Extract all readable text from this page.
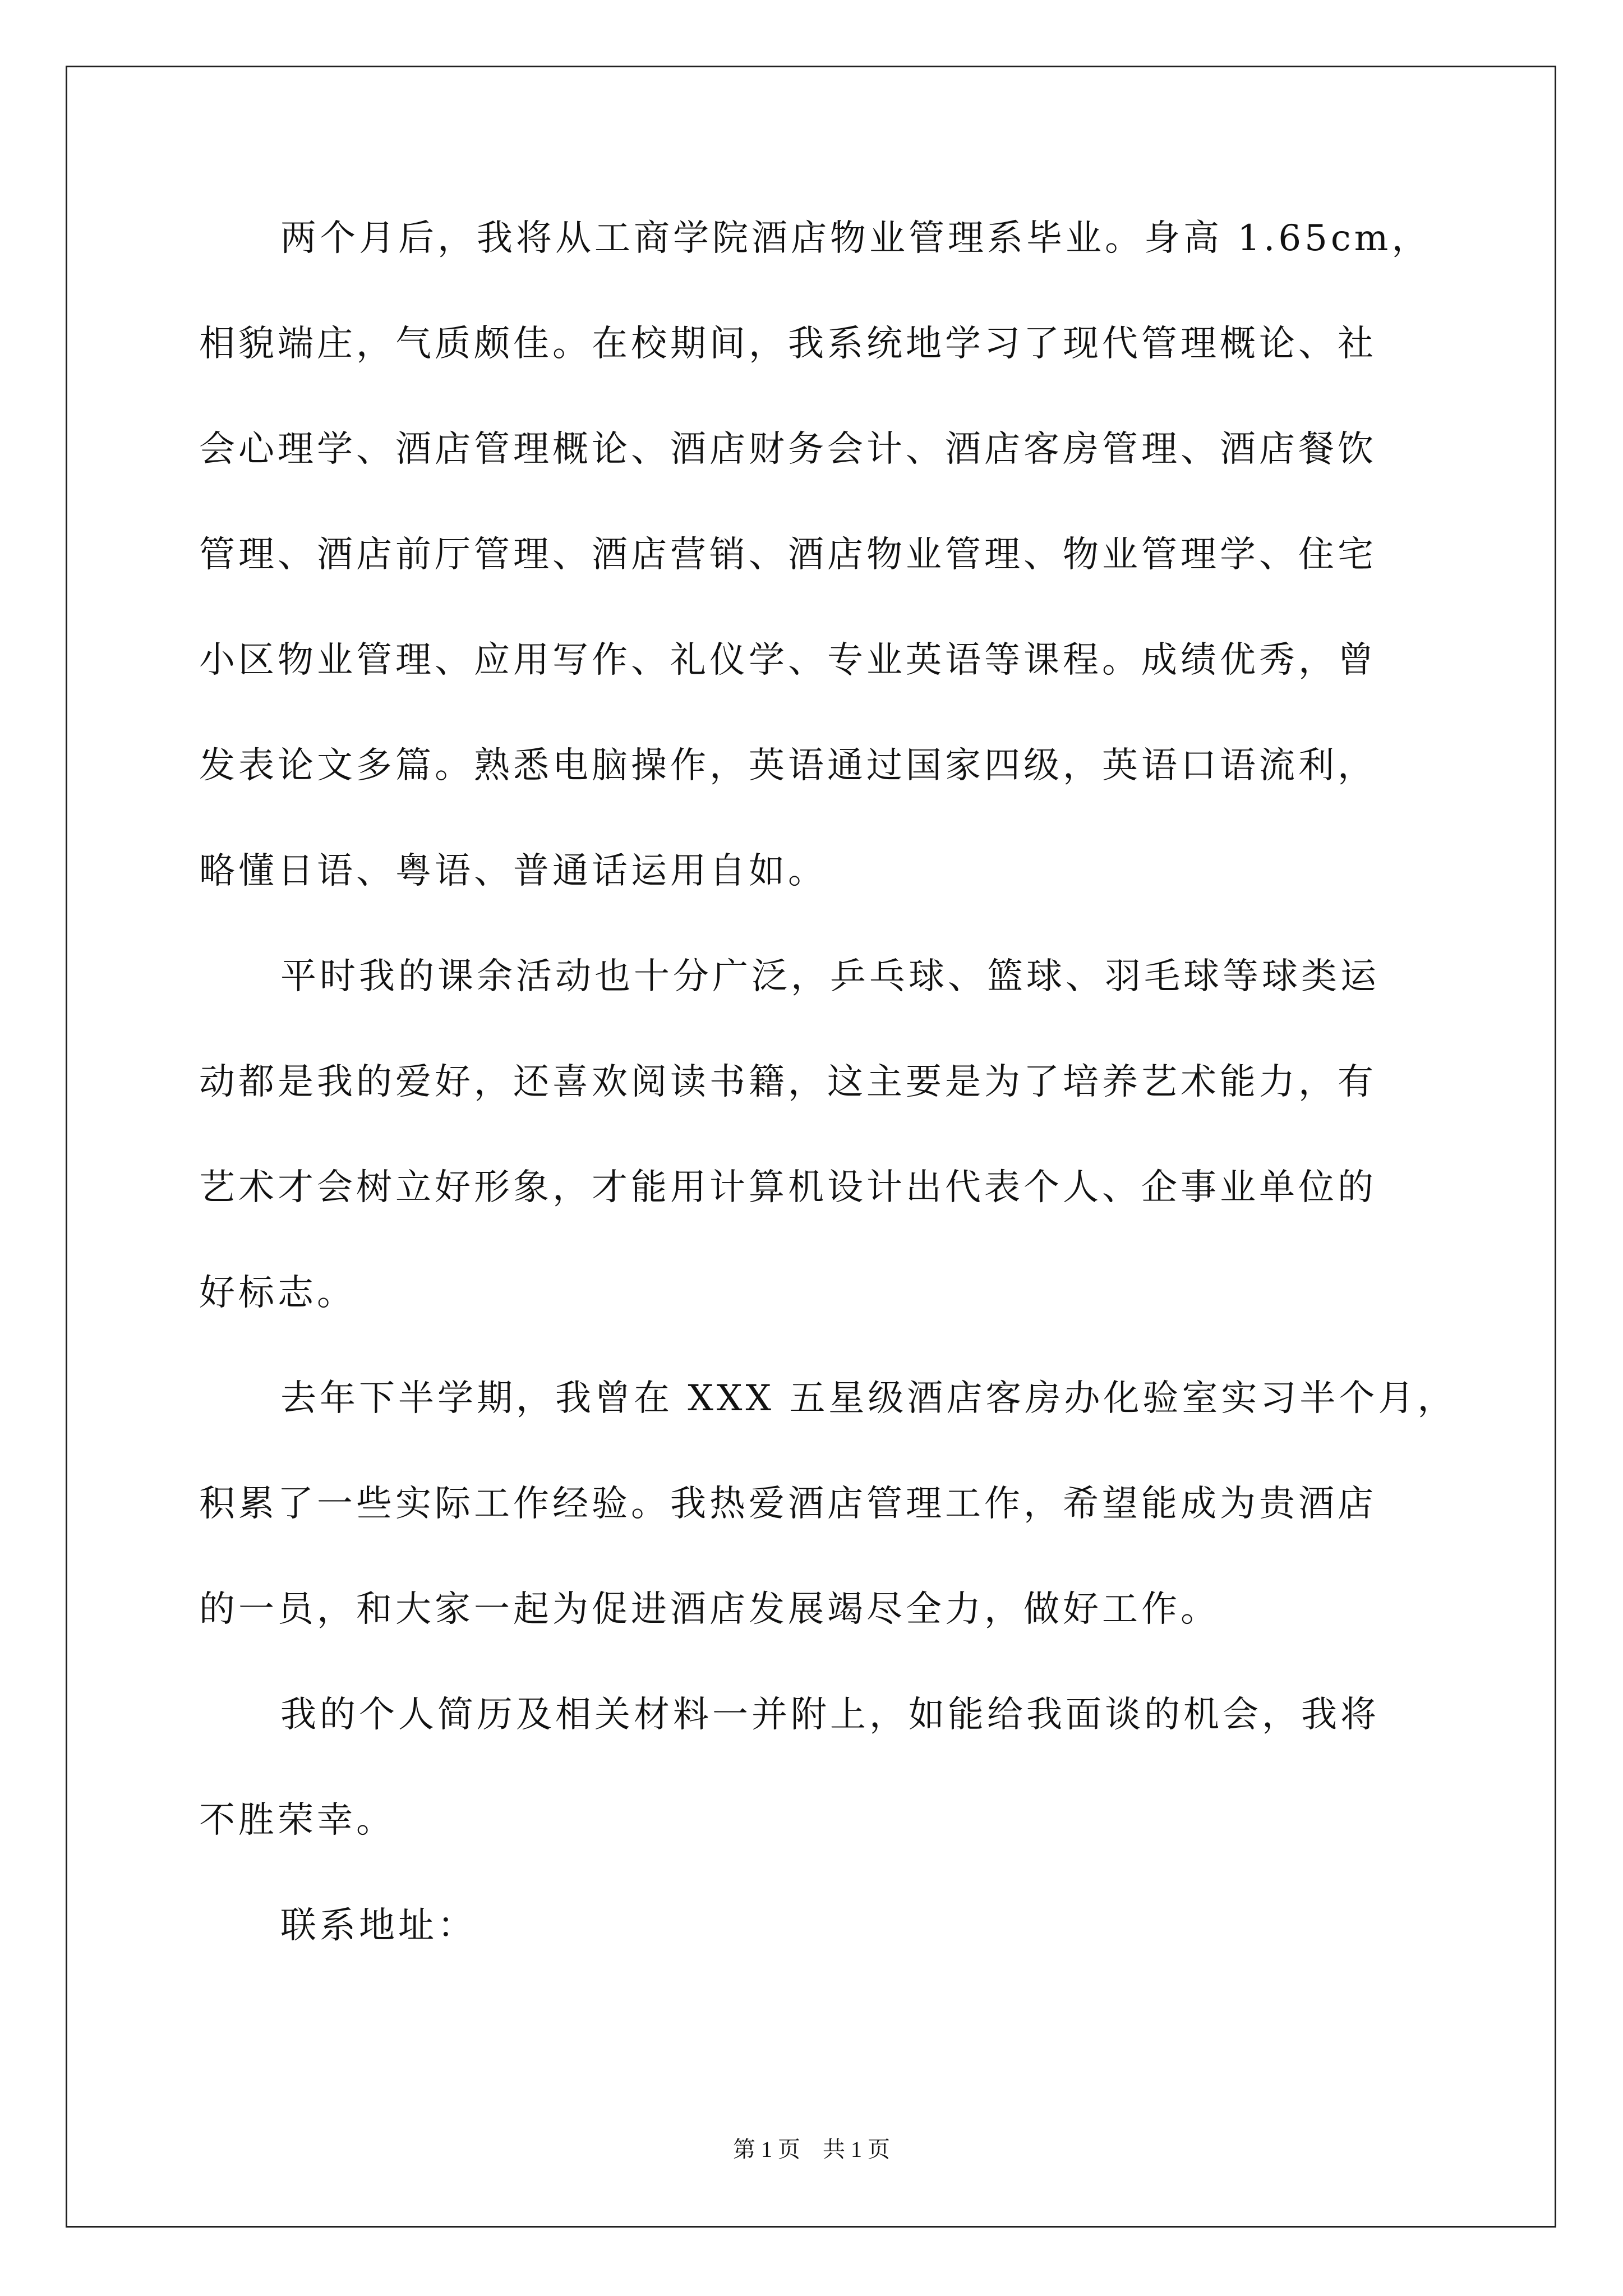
两个月后，我将从工商学院酒店物业管理系毕业。身高 1.65cm，
相貌端庄，气质颇佳。在校期间，我系统地学习了现代管理概论、社
会心理学、酒店管理概论、酒店财务会计、酒店客房管理、酒店餐饮
管理、酒店前厅管理、酒店营销、酒店物业管理、物业管理学、住宅
小区物业管理、应用写作、礼仪学、专业英语等课程。成绩优秀，曾
发表论文多篇。熟悉电脑操作，英语通过国家四级，英语口语流利，
略懂日语、粤语、普通话运用自如。
平时我的课余活动也十分广泛，乒乓球、篮球、羽毛球等球类运
动都是我的爱好，还喜欢阅读书籍，这主要是为了培养艺术能力，有
艺术才会树立好形象，才能用计算机设计出代表个人、企事业单位的
好标志。
去年下半学期，我曾在 XXX 五星级酒店客房办化验室实习半个月，
积累了一些实际工作经验。我热爱酒店管理工作，希望能成为贵酒店
的一员，和大家一起为促进酒店发展竭尽全力，做好工作。
我的个人简历及相关材料一并附上，如能给我面谈的机会，我将
不胜荣幸。
联系地址：
第 1 页　共 1 页
